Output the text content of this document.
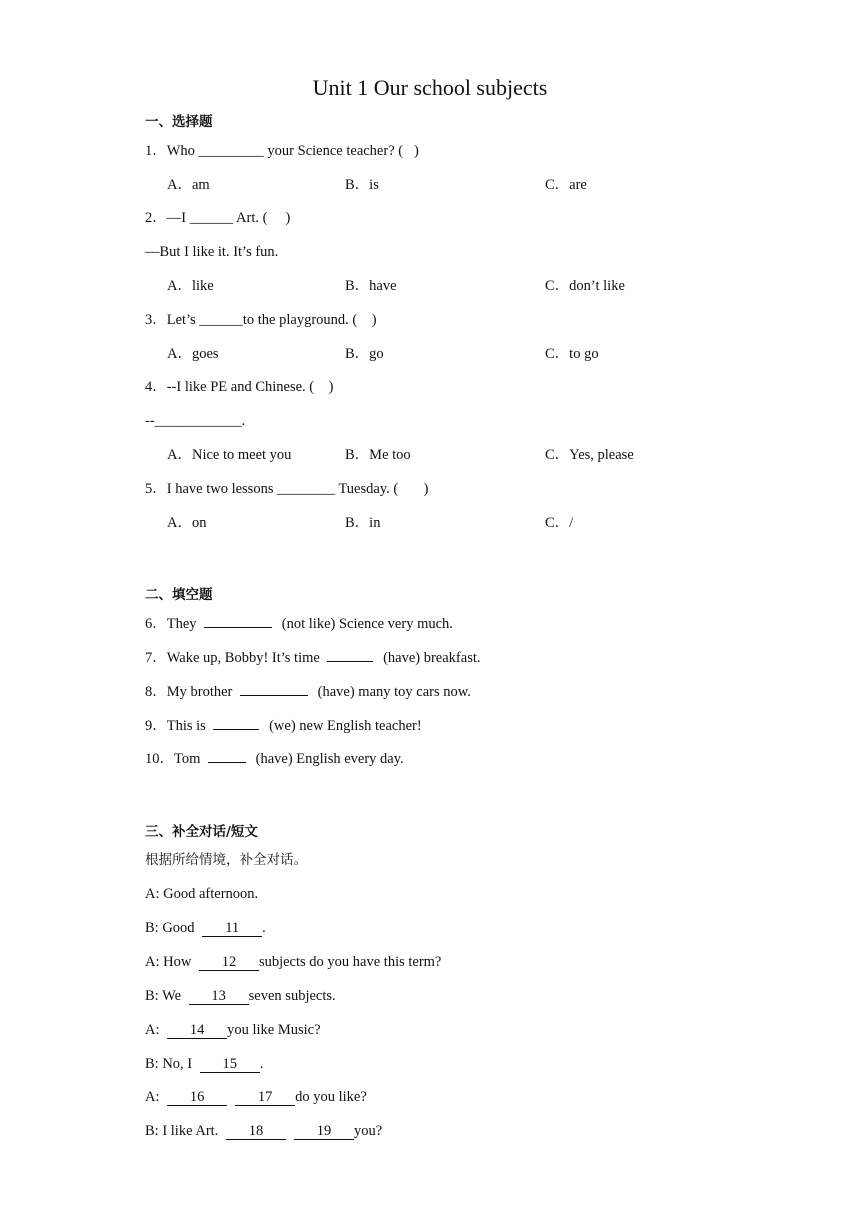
Unit 1 Our school subjects
一、选择题
1．Who _________ your Science teacher? (   )
A．am	B．is	C．are
2．—I ______ Art. (     )
—But I like it. It’s fun.
A．like	B．have	C．don’t like
3．Let’s ______to the playground. (    )
A．goes	B．go	C．to go
4．--I like PE and Chinese. (    )
--____________.
A．Nice to meet you	B．Me too	C．Yes, please
5．I have two lessons ________ Tuesday. (       )
A．on	B．in	C．/
二、填空题
6．They	(not like) Science very much.
7．Wake up, Bobby! It’s time	(have) breakfast.
8．My brother	(have) many toy cars now.
9．This is	(we) new English teacher!
10．Tom	(have) English every day.
三、补全对话/短文
根据所给情境，补全对话。
A: Good afternoon.
B: Good 11 .
A: How 12 subjects do you have this term?
B: We 13 seven subjects.
A: 14 you like Music?
B: No, I 15 .
A: 16	17 do you like?
B: I like Art. 18	19 you?
